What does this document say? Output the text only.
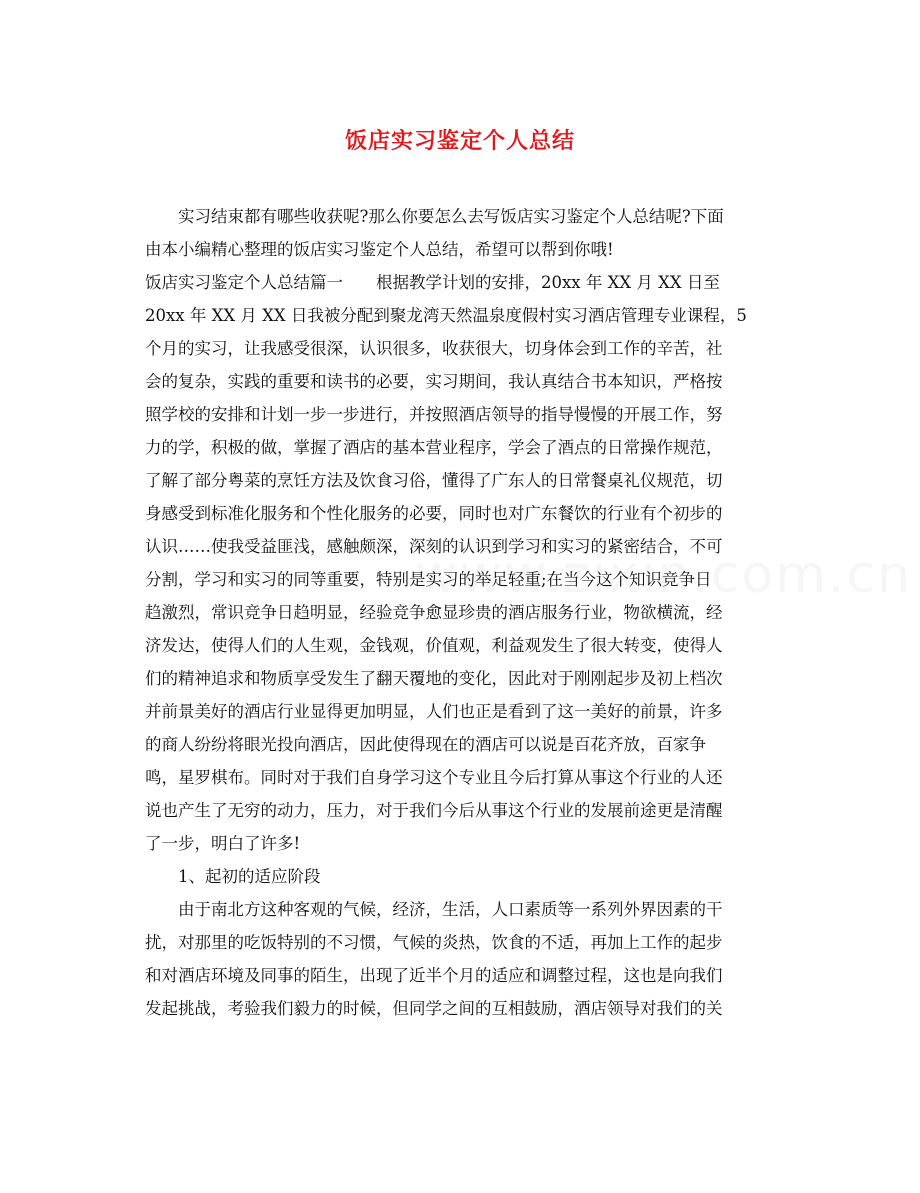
饭店实习鉴定个人总结
实习结束都有哪些收获呢?那么你要怎么去写饭店实习鉴定个人总结呢?下面
由本小编精心整理的饭店实习鉴定个人总结，希望可以帮到你哦!
饭店实习鉴定个人总结篇一　　根据教学计划的安排，20xx 年 XX 月 XX 日至
20xx 年 XX 月 XX 日我被分配到聚龙湾天然温泉度假村实习酒店管理专业课程，5
个月的实习，让我感受很深，认识很多，收获很大，切身体会到工作的辛苦，社
会的复杂，实践的重要和读书的必要，实习期间，我认真结合书本知识，严格按
照学校的安排和计划一步一步进行，并按照酒店领导的指导慢慢的开展工作，努
力的学，积极的做，掌握了酒店的基本营业程序，学会了酒点的日常操作规范，
了解了部分粤菜的烹饪方法及饮食习俗，懂得了广东人的日常餐桌礼仪规范，切
身感受到标准化服务和个性化服务的必要，同时也对广东餐饮的行业有个初步的
认识……使我受益匪浅，感触颇深，深刻的认识到学习和实习的紧密结合，不可
分割，学习和实习的同等重要，特别是实习的举足轻重;在当今这个知识竞争日
趋激烈，常识竞争日趋明显，经验竞争愈显珍贵的酒店服务行业，物欲横流，经
济发达，使得人们的人生观，金钱观，价值观，利益观发生了很大转变，使得人
们的精神追求和物质享受发生了翻天覆地的变化，因此对于刚刚起步及初上档次
并前景美好的酒店行业显得更加明显，人们也正是看到了这一美好的前景，许多
的商人纷纷将眼光投向酒店，因此使得现在的酒店可以说是百花齐放，百家争
鸣，星罗棋布。同时对于我们自身学习这个专业且今后打算从事这个行业的人还
说也产生了无穷的动力，压力，对于我们今后从事这个行业的发展前途更是清醒
了一步，明白了许多!
1、起初的适应阶段
由于南北方这种客观的气候，经济，生活，人口素质等一系列外界因素的干
扰，对那里的吃饭特别的不习惯，气候的炎热，饮食的不适，再加上工作的起步
和对酒店环境及同事的陌生，出现了近半个月的适应和调整过程，这也是向我们
发起挑战，考验我们毅力的时候，但同学之间的互相鼓励，酒店领导对我们的关
